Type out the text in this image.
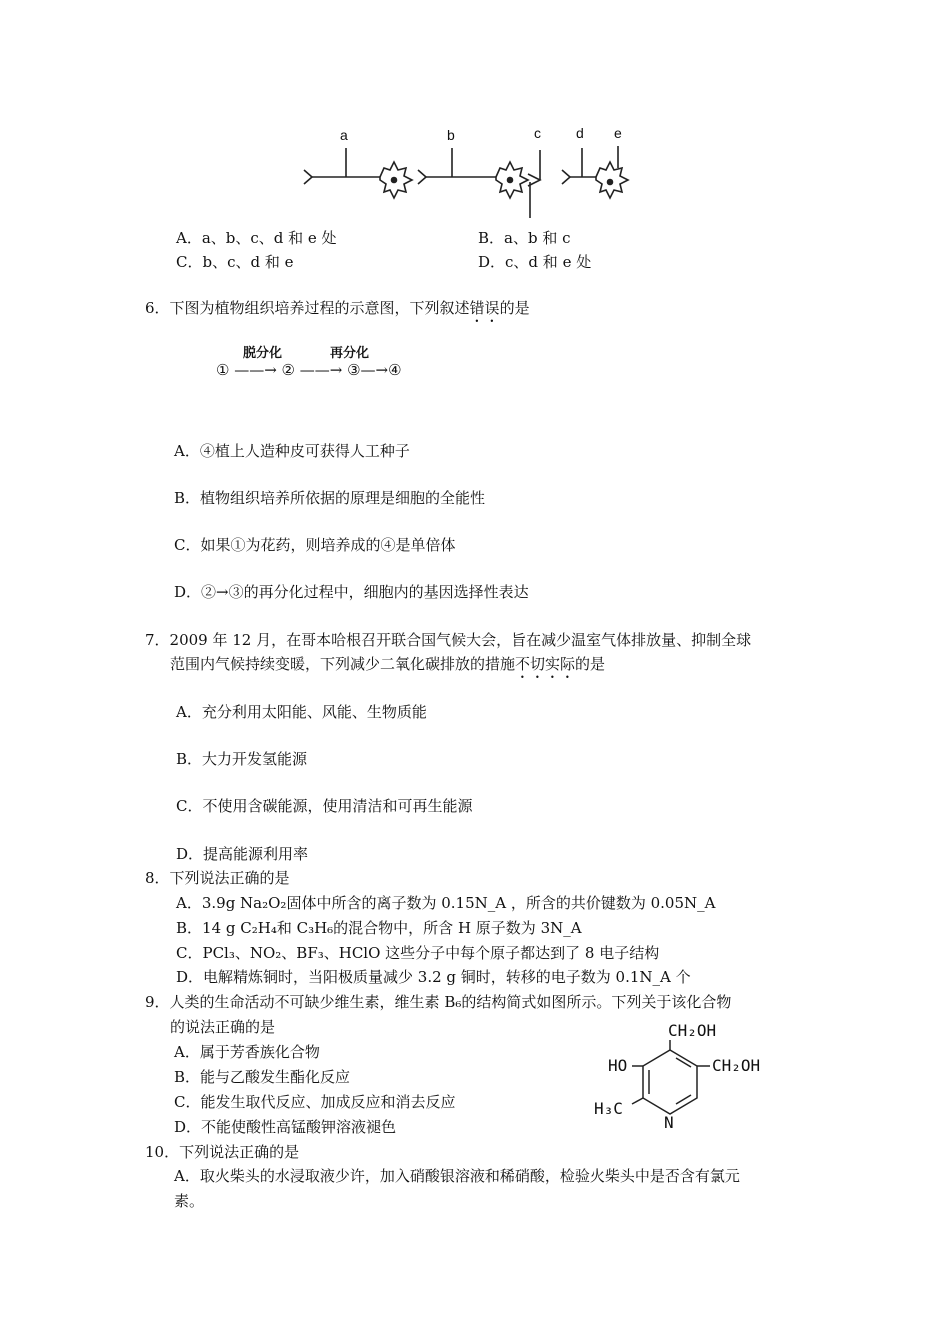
a	b	c	d e
A．a、b、c、d 和 e 处	B．a、b 和 c
C．b、c、d 和 e	D．c、d 和 e 处
6．下图为植物组织培养过程的示意图，下列叙述错误的是
脱分化	再分化
① ——→ ② ——→ ③—→④
A．④植上人造种皮可获得人工种子
B．植物组织培养所依据的原理是细胞的全能性
C．如果①为花药，则培养成的④是单倍体
D．②→③的再分化过程中，细胞内的基因选择性表达
7．2009 年 12 月，在哥本哈根召开联合国气候大会，旨在减少温室气体排放量、抑制全球
范围内气候持续变暖，下列减少二氧化碳排放的措施不切实际的是
A．充分利用太阳能、风能、生物质能
B．大力开发氢能源
C．不使用含碳能源，使用清洁和可再生能源
D．提高能源利用率
8．下列说法正确的是
A．3.9g Na₂O₂固体中所含的离子数为 0.15N_A ，所含的共价键数为 0.05N_A
B．14 g C₂H₄和 C₃H₆的混合物中，所含 H 原子数为 3N_A
C．PCl₃、NO₂、BF₃、HClO 这些分子中每个原子都达到了 8 电子结构
D．电解精炼铜时，当阳极质量减少 3.2 g 铜时，转移的电子数为 0.1N_A 个
9．人类的生命活动不可缺少维生素，维生素 B₆的结构简式如图所示。下列关于该化合物
的说法正确的是
A．属于芳香族化合物
B．能与乙酸发生酯化反应
C．能发生取代反应、加成反应和消去反应
D．不能使酸性高锰酸钾溶液褪色
CH₂OH
HO	CH₂OH
H₃C
N
10．下列说法正确的是
A．取火柴头的水浸取液少许，加入硝酸银溶液和稀硝酸，检验火柴头中是否含有氯元
素。
